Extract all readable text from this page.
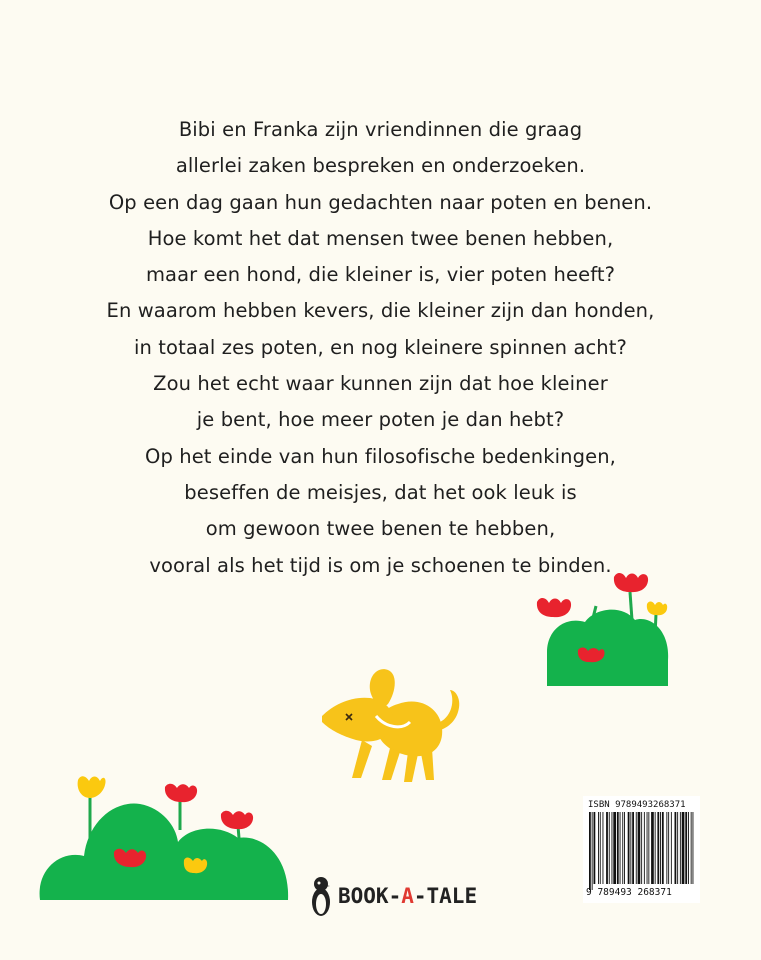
Bibi en Franka zijn vriendinnen die graag
allerlei zaken bespreken en onderzoeken.
Op een dag gaan hun gedachten naar poten en benen.
Hoe komt het dat mensen twee benen hebben,
maar een hond, die kleiner is, vier poten heeft?
En waarom hebben kevers, die kleiner zijn dan honden,
in totaal zes poten, en nog kleinere spinnen acht?
Zou het echt waar kunnen zijn dat hoe kleiner
je bent, hoe meer poten je dan hebt?
Op het einde van hun filosofische bedenkingen,
beseffen de meisjes, dat het ook leuk is
om gewoon twee benen te hebben,
vooral als het tijd is om je schoenen te binden.
BOOK-A-TALE
ISBN 9789493268371
9 789493 268371
